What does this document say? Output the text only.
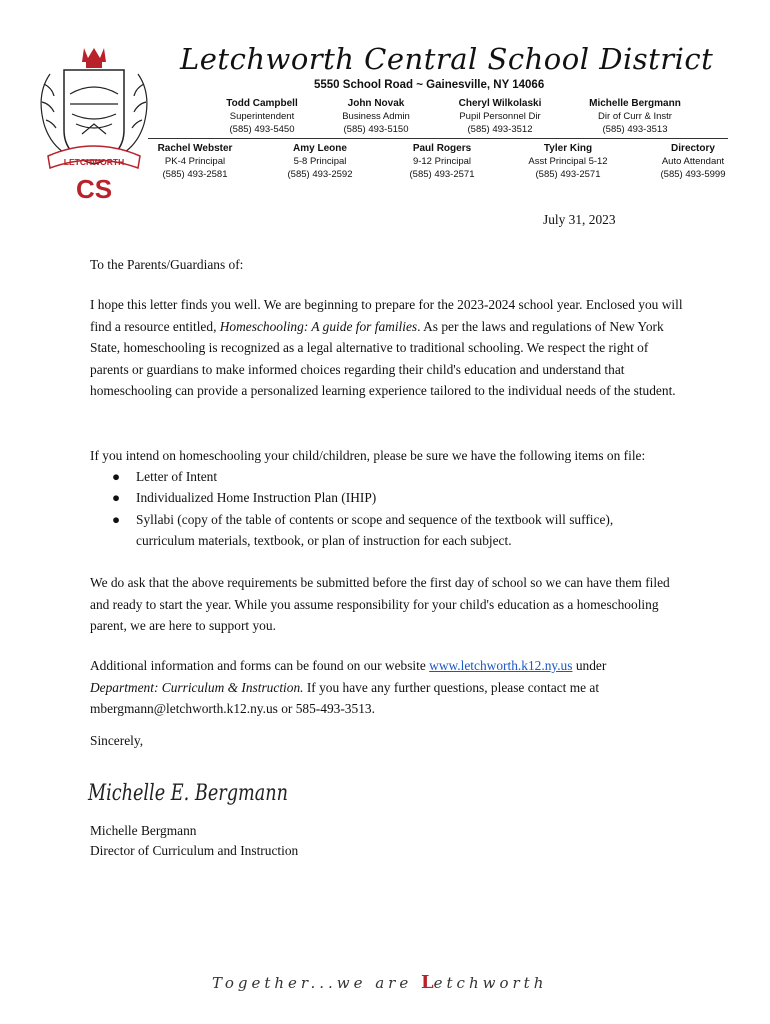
LETCHWORTH
CS
Letchworth Central School District
5550 School Road ~ Gainesville, NY 14066
Todd Campbell
Superintendent
(585) 493-5450
John Novak
Business Admin
(585) 493-5150
Cheryl Wilkolaski
Pupil Personnel Dir
(585) 493-3512
Michelle Bergmann
Dir of Curr & Instr
(585) 493-3513
Rachel Webster
PK-4 Principal
(585) 493-2581
Amy Leone
5-8 Principal
(585) 493-2592
Paul Rogers
9-12 Principal
(585) 493-2571
Tyler King
Asst Principal 5-12
(585) 493-2571
Directory
Auto Attendant
(585) 493-5999
July 31, 2023

To the Parents/Guardians of:

I hope this letter finds you well. We are beginning to prepare for the 2023-2024 school year. Enclosed you will find a resource entitled, Homeschooling: A guide for families. As per the laws and regulations of New York State, homeschooling is recognized as a legal alternative to traditional schooling. We respect the right of parents or guardians to make informed choices regarding their child's education and understand that homeschooling can provide a personalized learning experience tailored to the individual needs of the student.

If you intend on homeschooling your child/children, please be sure we have the following items on file:

● Letter of Intent
● Individualized Home Instruction Plan (IHIP)
● Syllabi (copy of the table of contents or scope and sequence of the textbook will suffice),
curriculum materials, textbook, or plan of instruction for each subject.

We do ask that the above requirements be submitted before the first day of school so we can have them filed and ready to start the year. While you assume responsibility for your child's education as a homeschooling parent, we are here to support you.

Additional information and forms can be found on our website www.letchworth.k12.ny.us under
Department: Curriculum & Instruction. If you have any further questions, please contact me at
mbergmann@letchworth.k12.ny.us or 585-493-3513.

Sincerely,

Michelle E. Bergmann

Michelle Bergmann

Director of Curriculum and Instruction

Together...we are Letchworth
